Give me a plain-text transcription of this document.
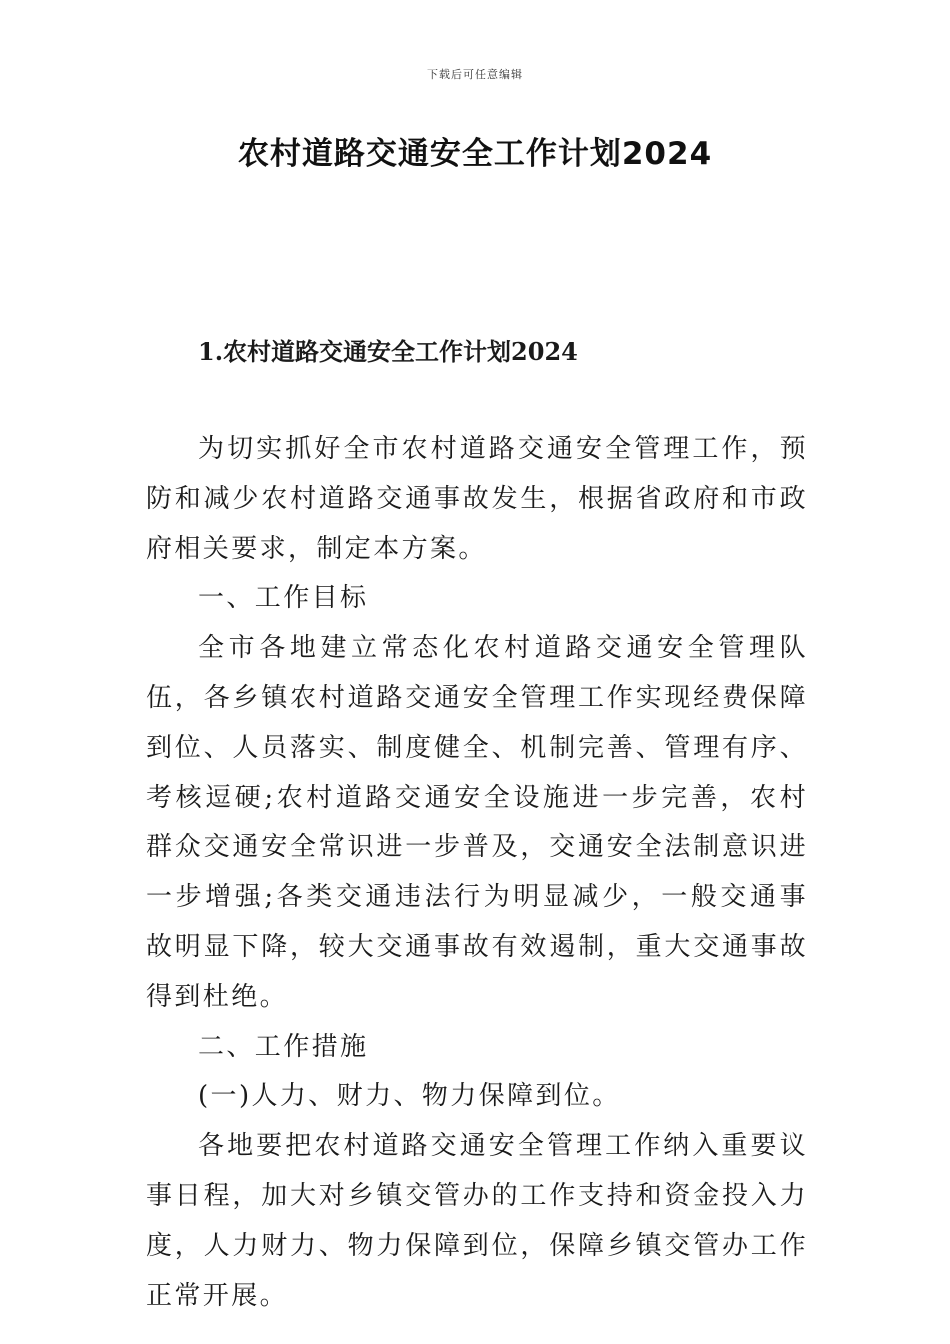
下载后可任意编辑
农村道路交通安全工作计划2024
1.农村道路交通安全工作计划2024

为切实抓好全市农村道路交通安全管理工作，预防和减少农村道路交通事故发生，根据省政府和市政府相关要求，制定本方案。

一、工作目标

全市各地建立常态化农村道路交通安全管理队伍，各乡镇农村道路交通安全管理工作实现经费保障到位、人员落实、制度健全、机制完善、管理有序、考核逗硬;农村道路交通安全设施进一步完善，农村群众交通安全常识进一步普及，交通安全法制意识进一步增强;各类交通违法行为明显减少，一般交通事故明显下降，较大交通事故有效遏制，重大交通事故得到杜绝。

二、工作措施

(一)人力、财力、物力保障到位。

各地要把农村道路交通安全管理工作纳入重要议事日程，加大对乡镇交管办的工作支持和资金投入力度，人力财力、物力保障到位，保障乡镇交管办工作正常开展。
